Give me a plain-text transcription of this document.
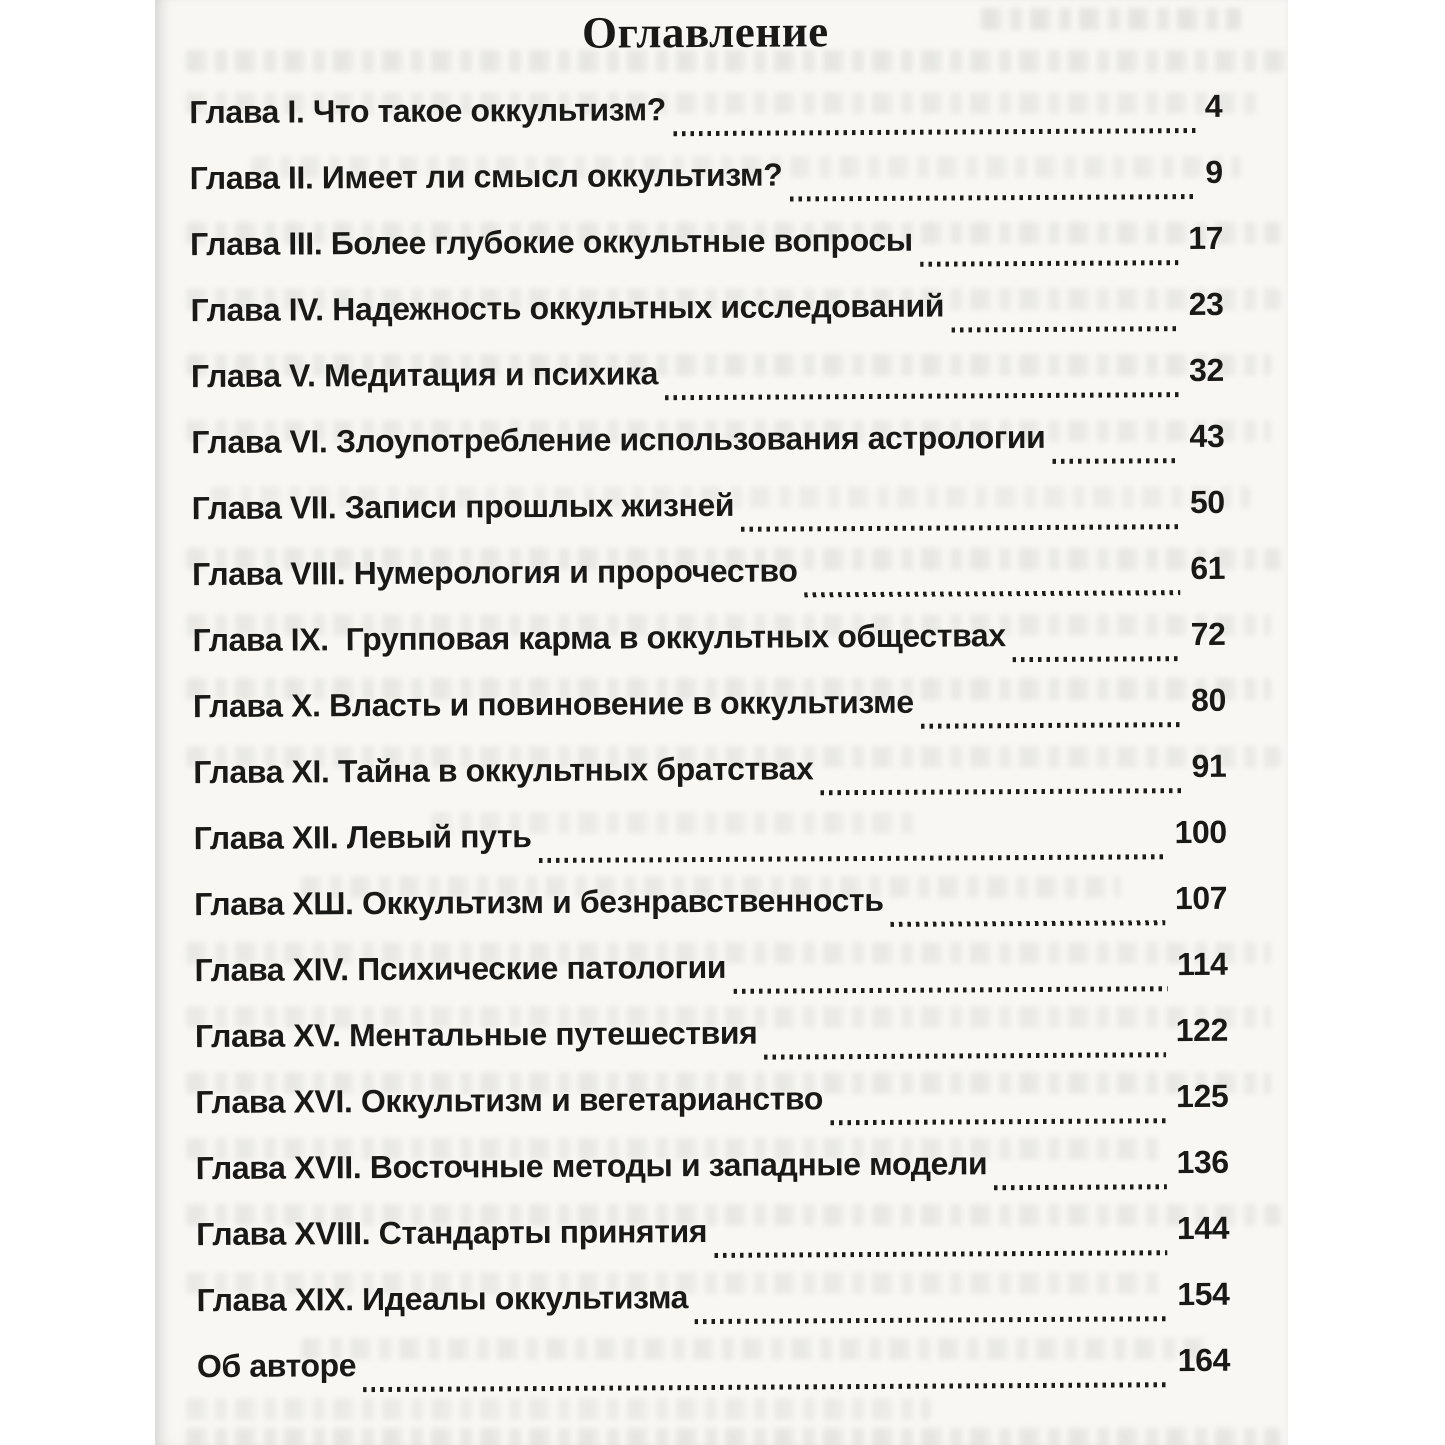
Оглавление
Глава I. Что такое оккультизм?	4
Глава II. Имеет ли смысл оккультизм?	9
Глава III. Более глубокие оккультные вопросы	17
Глава IV. Надежность оккультных исследований	23
Глава V. Медитация и психика	32
Глава VI. Злоупотребление использования астрологии	43
Глава VII. Записи прошлых жизней	50
Глава VIII. Нумерология и пророчество	61
Глава IX.  Групповая карма в оккультных обществах	72
Глава X. Власть и повиновение в оккультизме	80
Глава XI. Тайна в оккультных братствах	91
Глава XII. Левый путь	100
Глава ХШ. Оккультизм и безнравственность	107
Глава XIV. Психические патологии	114
Глава XV. Ментальные путешествия	122
Глава XVI. Оккультизм и вегетарианство	125
Глава XVII. Восточные методы и западные модели	136
Глава XVIII. Стандарты принятия	144
Глава XIX. Идеалы оккультизма	154
Об авторе	164
